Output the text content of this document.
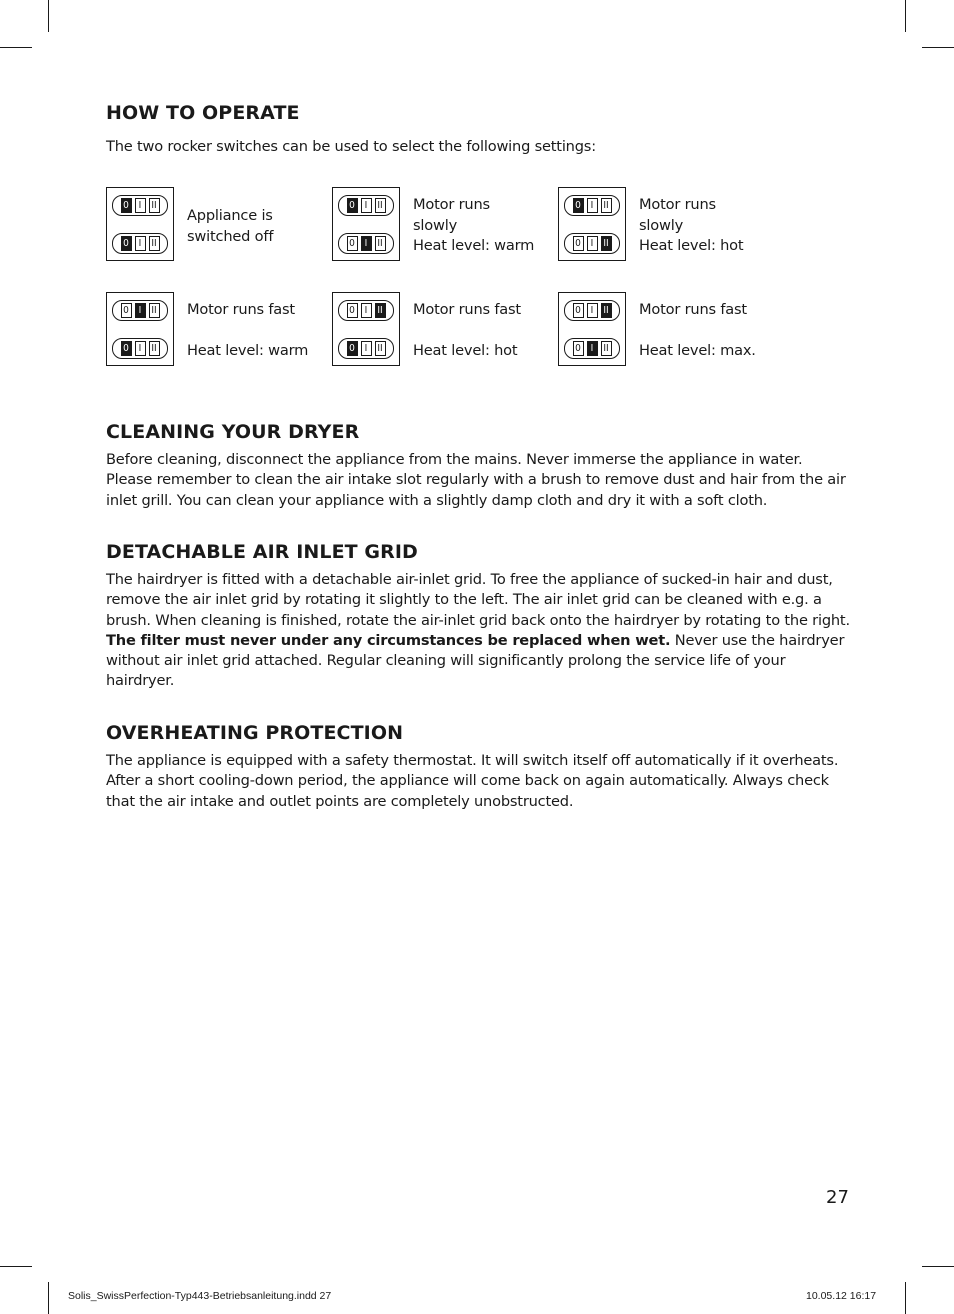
HOW TO OPERATE

The two rocker switches can be used to select the following settings:

0 I	II
0 I	II
Appliance is
switched off
0 I	II
0 I	II
Motor runs
slowly
Heat level: warm
0 I	II
0 I	II
Motor runs
slowly
Heat level: hot
0 I	II
0 I	II
Motor runs fast

Heat level: warm
0 I	II
0 I	II
Motor runs fast

Heat level: hot
0 I	II
0 I	II
Motor runs fast

Heat level: max.
CLEANING YOUR DRYER

Before cleaning, disconnect the appliance from the mains. Never immerse the appliance in water. Please remember to clean the air intake slot regularly with a brush to remove dust and hair from the air inlet grill. You can clean your appliance with a slightly damp cloth and dry it with a soft cloth.

DETACHABLE AIR INLET GRID

The hairdryer is fitted with a detachable air-inlet grid. To free the appliance of sucked-in hair and dust, remove the air inlet grid by rotating it slightly to the left. The air inlet grid can be cleaned with e.g. a brush. When cleaning is finished, rotate the air-inlet grid back onto the hairdryer by rotating to the right. The filter must never under any circumstances be replaced when wet. Never use the hairdryer without air inlet grid attached. Regular cleaning will significantly prolong the service life of your hairdryer.

OVERHEATING PROTECTION

The appliance is equipped with a safety thermostat. It will switch itself off automatically if it overheats. After a short cooling-down period, the appliance will come back on again automatically. Always check that the air intake and outlet points are completely unobstructed.

27
Solis_SwissPerfection-Typ443-Betriebsanleitung.indd 27	10.05.12 16:17
